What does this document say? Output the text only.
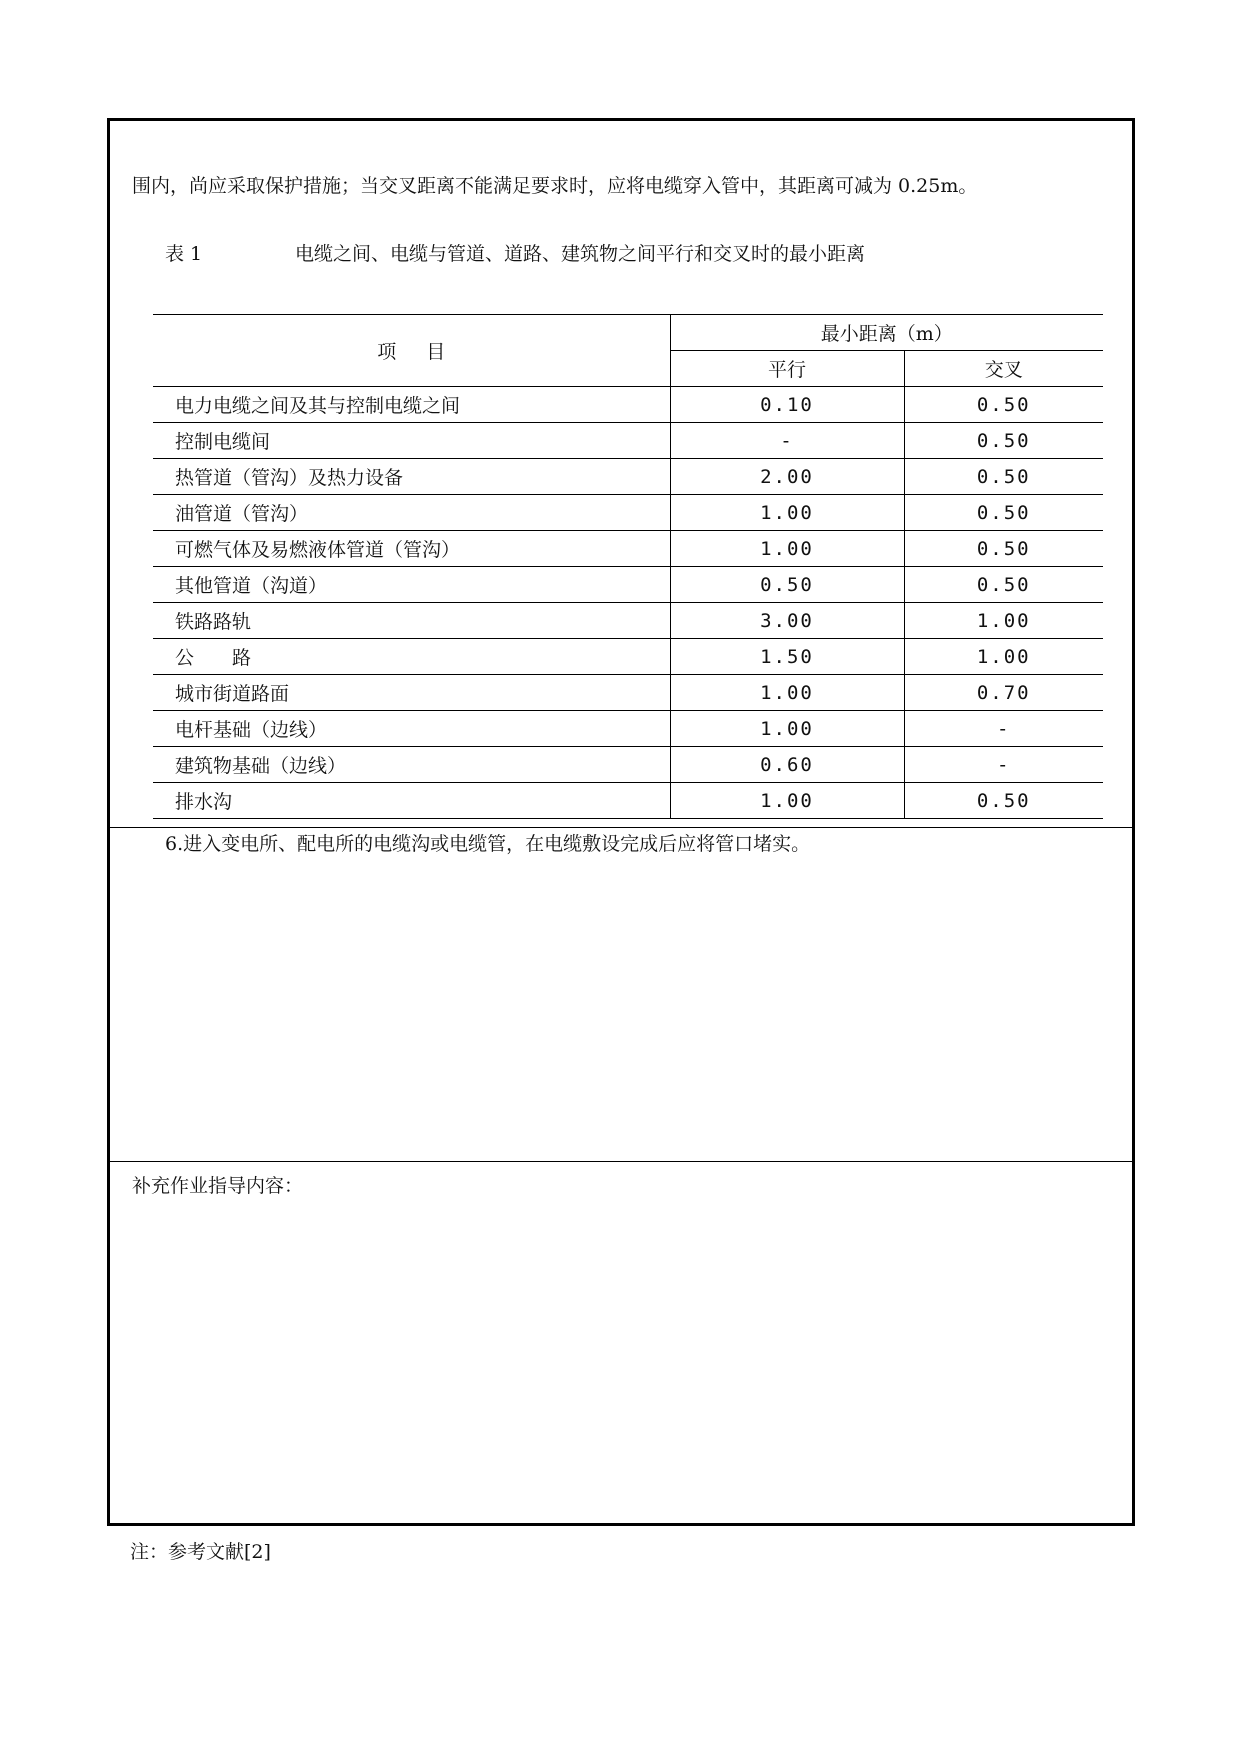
围内，尚应采取保护措施；当交叉距离不能满足要求时，应将电缆穿入管中，其距离可减为 0.25m。
表 1	电缆之间、电缆与管道、道路、建筑物之间平行和交叉时的最小距离
项目	最小距离（m）	
	平行	交叉
电力电缆之间及其与控制电缆之间	0.10	0.50
控制电缆间	-	0.50
热管道（管沟）及热力设备	2.00	0.50
油管道（管沟）	1.00	0.50
可燃气体及易燃液体管道（管沟）	1.00	0.50
其他管道（沟道）	0.50	0.50
铁路路轨	3.00	1.00
公　　路	1.50	1.00
城市街道路面	1.00	0.70
电杆基础（边线）	1.00	-
建筑物基础（边线）	0.60	-
排水沟	1.00	0.50
6.进入变电所、配电所的电缆沟或电缆管，在电缆敷设完成后应将管口堵实。
补充作业指导内容：
注：参考文献[2]
